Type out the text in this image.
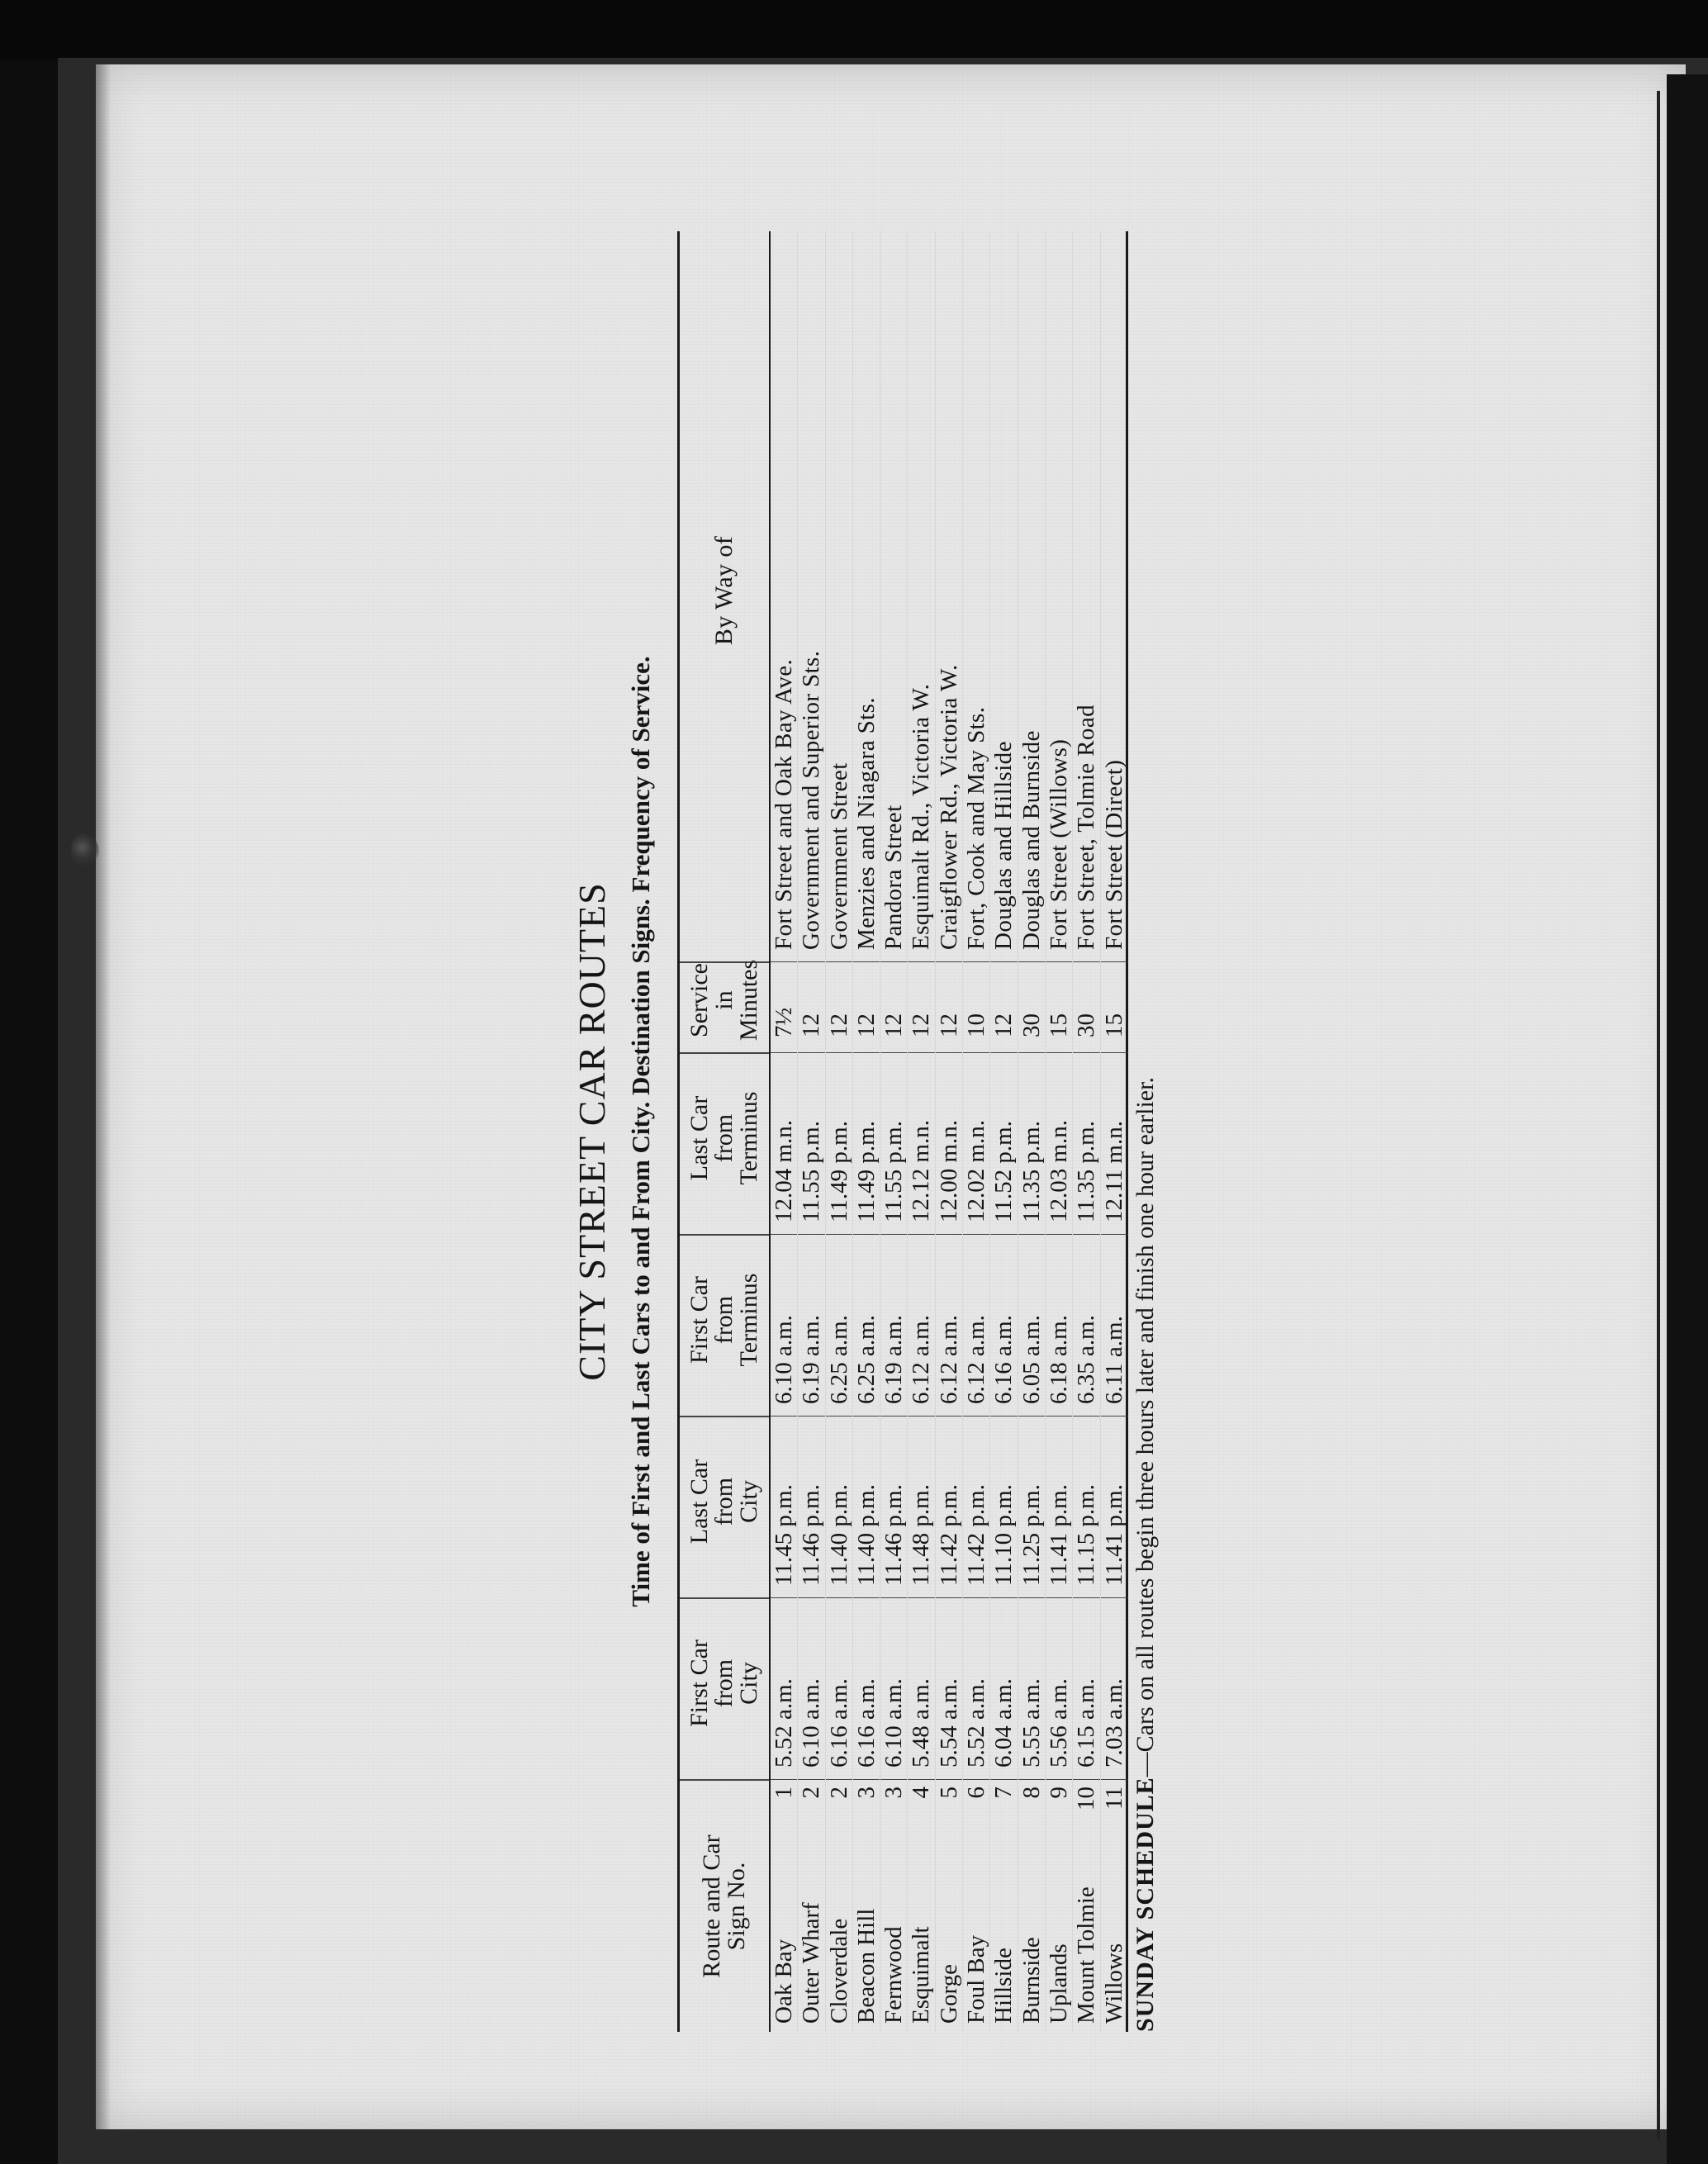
CITY STREET CAR ROUTES Time of First and Last Cars to and From City. Destination Signs. Frequency of Service.
Route and Car
Sign No.
First Car
from
City
Last Car
from
City
First Car
from
Terminus
Last Car
from
Terminus
Service
in
Minutes
By Way of
Oak Bay
1
5.52 a.m.
11.45 p.m.
6.10 a.m.
12.04 m.n.
7½
Fort Street and Oak Bay Ave.
Outer Wharf
2
6.10 a.m.
11.46 p.m.
6.19 a.m.
11.55 p.m.
12
Government and Superior Sts.
Cloverdale
2
6.16 a.m.
11.40 p.m.
6.25 a.m.
11.49 p.m.
12
Government Street
Beacon Hill
3
6.16 a.m.
11.40 p.m.
6.25 a.m.
11.49 p.m.
12
Menzies and Niagara Sts.
Fernwood
3
6.10 a.m.
11.46 p.m.
6.19 a.m.
11.55 p.m.
12
Pandora Street
Esquimalt
4
5.48 a.m.
11.48 p.m.
6.12 a.m.
12.12 m.n.
12
Esquimalt Rd., Victoria W.
Gorge
5
5.54 a.m.
11.42 p.m.
6.12 a.m.
12.00 m.n.
12
Craigflower Rd., Victoria W.
Foul Bay
6
5.52 a.m.
11.42 p.m.
6.12 a.m.
12.02 m.n.
10
Fort, Cook and May Sts.
Hillside
7
6.04 a.m.
11.10 p.m.
6.16 a.m.
11.52 p.m.
12
Douglas and Hillside
Burnside
8
5.55 a.m.
11.25 p.m.
6.05 a.m.
11.35 p.m.
30
Douglas and Burnside
Uplands
9
5.56 a.m.
11.41 p.m.
6.18 a.m.
12.03 m.n.
15
Fort Street (Willows)
Mount Tolmie
10
6.15 a.m.
11.15 p.m.
6.35 a.m.
11.35 p.m.
30
Fort Street, Tolmie Road
Willows
11
7.03 a.m.
11.41 p.m.
6.11 a.m.
12.11 m.n.
15
Fort Street (Direct)
SUNDAY SCHEDULE—Cars on all routes begin three hours later and finish one hour earlier.
